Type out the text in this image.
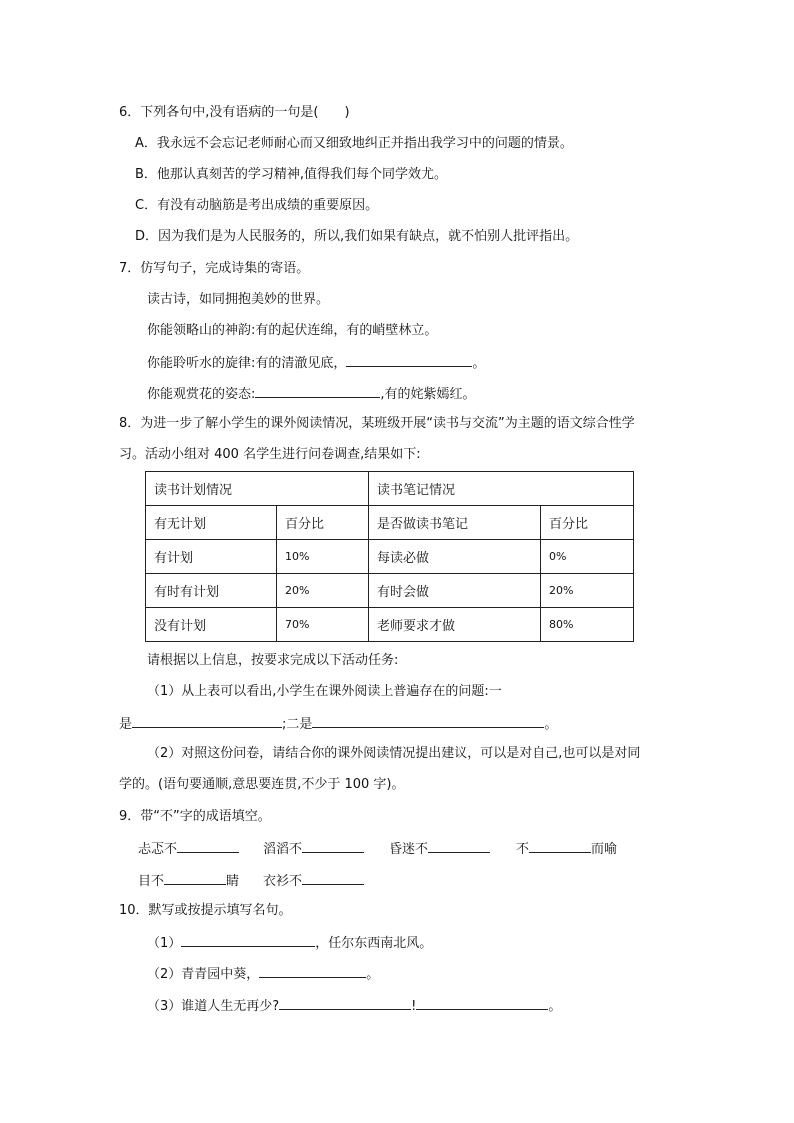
6．下列各句中,没有语病的一句是(　　)
A．我永远不会忘记老师耐心而又细致地纠正并指出我学习中的问题的情景。
B．他那认真刻苦的学习精神,值得我们每个同学效尤。
C．有没有动脑筋是考出成绩的重要原因。
D．因为我们是为人民服务的，所以,我们如果有缺点，就不怕别人批评指出。
7．仿写句子，完成诗集的寄语。
读古诗，如同拥抱美妙的世界。
你能领略山的神韵:有的起伏连绵，有的峭壁林立。
你能聆听水的旋律:有的清澈见底，	。
你能观赏花的姿态:	,有的姹紫嫣红。
8．为进一步了解小学生的课外阅读情况，某班级开展“读书与交流”为主题的语文综合性学
习。活动小组对 400 名学生进行问卷调查,结果如下:
读书计划情况		读书笔记情况	
有无计划	百分比	是否做读书笔记	百分比
有计划	10%	每读必做	0%
有时有计划	20%	有时会做	20%
没有计划	70%	老师要求才做	80%
请根据以上信息，按要求完成以下活动任务:
（1）从上表可以看出,小学生在课外阅读上普遍存在的问题:一
是	;二是	。
（2）对照这份问卷，请结合你的课外阅读情况提出建议，可以是对自己,也可以是对同
学的。(语句要通顺,意思要连贯,不少于 100 字)。
9．带“不”字的成语填空。
忐忑不	滔滔不	昏迷不	不	而喻
目不	睛 衣衫不
10．默写或按提示填写名句。
（1）	，任尔东西南北风。
（2）青青园中葵，	。
（3）谁道人生无再少?	!	。
